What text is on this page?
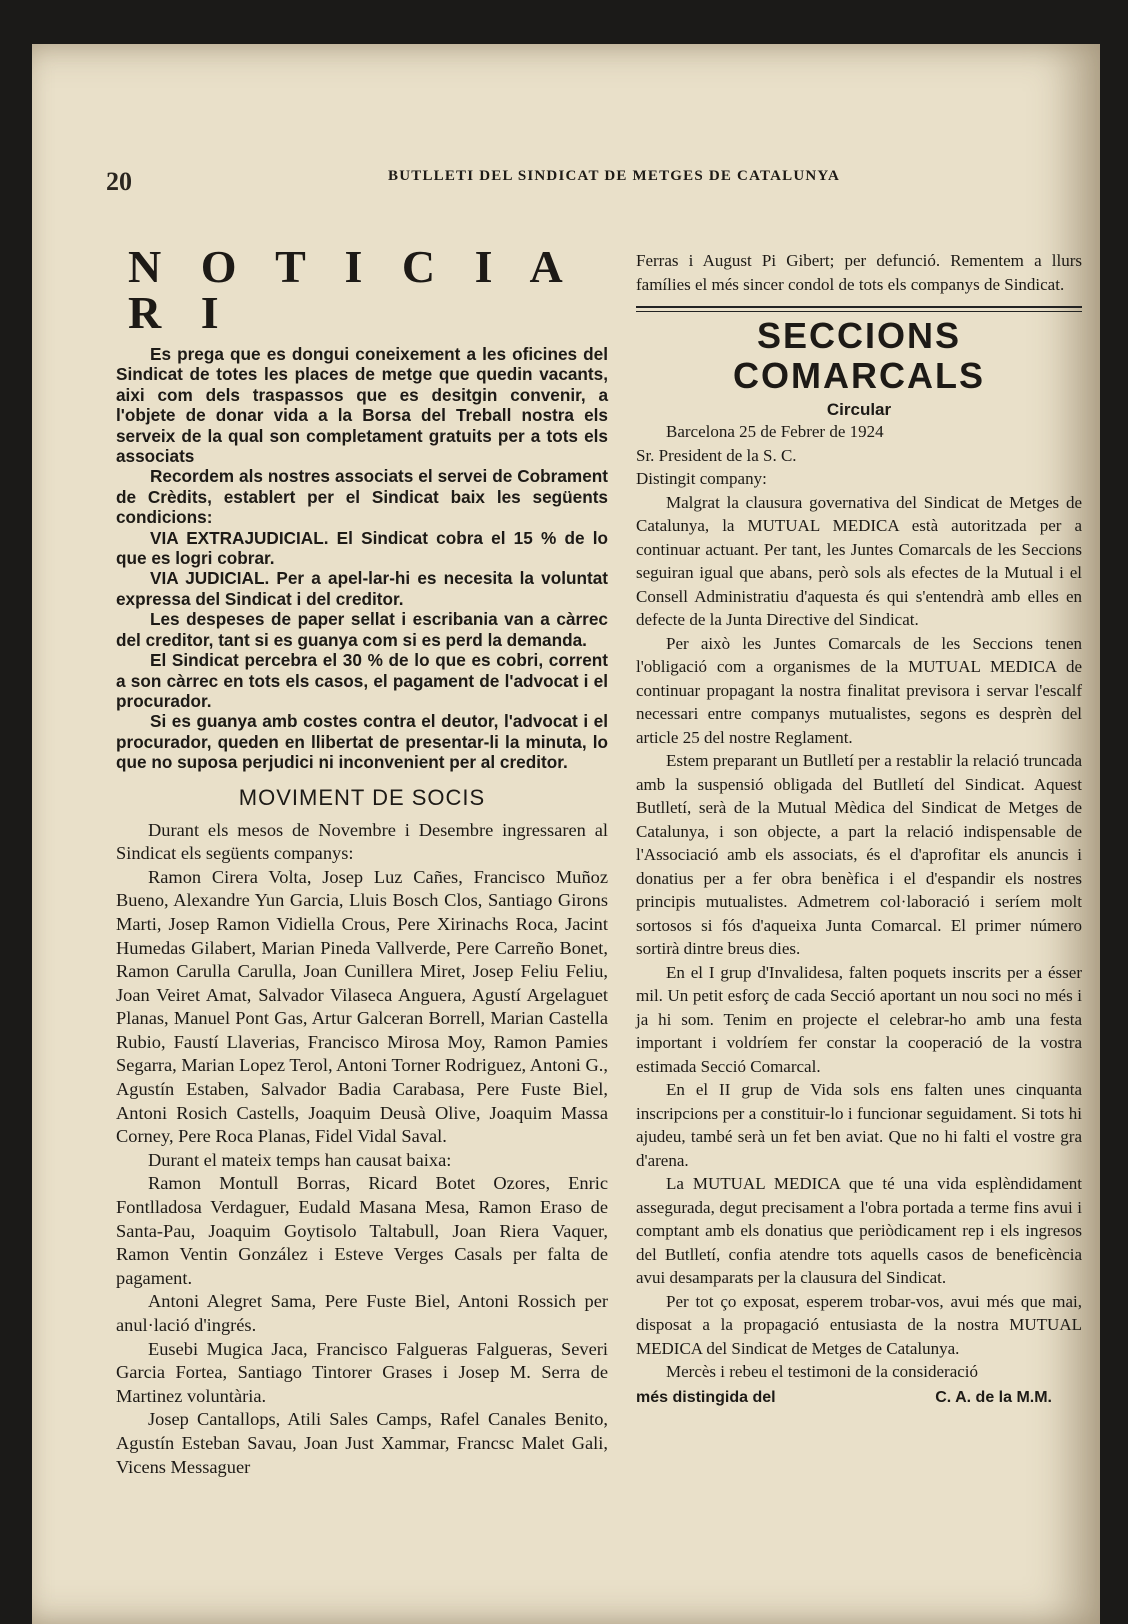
20	BUTLLETI DEL SINDICAT DE METGES DE CATALUNYA
N O T I C I A R I

Es prega que es dongui coneixement a les oficines del Sindicat de totes les places de metge que quedin vacants, aixi com dels traspassos que es desitgin convenir, a l'objete de donar vida a la Borsa del Treball nostra els serveix de la qual son completament gratuits per a tots els associats

Recordem als nostres associats el servei de Cobrament de Crèdits, establert per el Sindicat baix les següents condicions:

VIA EXTRAJUDICIAL. El Sindicat cobra el 15 % de lo que es logri cobrar.

VIA JUDICIAL. Per a apel-lar-hi es necesita la voluntat expressa del Sindicat i del creditor.

Les despeses de paper sellat i escribania van a càrrec del creditor, tant si es guanya com si es perd la demanda.

El Sindicat percebra el 30 % de lo que es cobri, corrent a son càrrec en tots els casos, el pagament de l'advocat i el procurador.

Si es guanya amb costes contra el deutor, l'advocat i el procurador, queden en llibertat de presentar-li la minuta, lo que no suposa perjudici ni inconvenient per al creditor.

MOVIMENT DE SOCIS

Durant els mesos de Novembre i Desembre ingressaren al Sindicat els següents companys:

Ramon Cirera Volta, Josep Luz Cañes, Francisco Muñoz Bueno, Alexandre Yun Garcia, Lluis Bosch Clos, Santiago Girons Marti, Josep Ramon Vidiella Crous, Pere Xirinachs Roca, Jacint Humedas Gilabert, Marian Pineda Vallverde, Pere Carreño Bonet, Ramon Carulla Carulla, Joan Cunillera Miret, Josep Feliu Feliu, Joan Veiret Amat, Salvador Vilaseca Anguera, Agustí Argelaguet Planas, Manuel Pont Gas, Artur Galceran Borrell, Marian Castella Rubio, Faustí Llaverias, Francisco Mirosa Moy, Ramon Pamies Segarra, Marian Lopez Terol, Antoni Torner Rodriguez, Antoni G., Agustín Estaben, Salvador Badia Carabasa, Pere Fuste Biel, Antoni Rosich Castells, Joaquim Deusà Olive, Joaquim Massa Corney, Pere Roca Planas, Fidel Vidal Saval.

Durant el mateix temps han causat baixa:

Ramon Montull Borras, Ricard Botet Ozores, Enric Fontlladosa Verdaguer, Eudald Masana Mesa, Ramon Eraso de Santa-Pau, Joaquim Goytisolo Taltabull, Joan Riera Vaquer, Ramon Ventin González i Esteve Verges Casals per falta de pagament.

Antoni Alegret Sama, Pere Fuste Biel, Antoni Rossich per anul·lació d'ingrés.

Eusebi Mugica Jaca, Francisco Falgueras Falgueras, Severi Garcia Fortea, Santiago Tintorer Grases i Josep M. Serra de Martinez voluntària.

Josep Cantallops, Atili Sales Camps, Rafel Canales Benito, Agustín Esteban Savau, Joan Just Xammar, Francsc Malet Gali, Vicens Messaguer

Ferras i August Pi Gibert; per defunció. Rementem a llurs famílies el més sincer condol de tots els companys de Sindicat.

SECCIONS COMARCALS
Circular

Barcelona 25 de Febrer de 1924

Sr. President de la S. C.

Distingit company:

Malgrat la clausura governativa del Sindicat de Metges de Catalunya, la MUTUAL MEDICA està autoritzada per a continuar actuant. Per tant, les Juntes Comarcals de les Seccions seguiran igual que abans, però sols als efectes de la Mutual i el Consell Administratiu d'aquesta és qui s'entendrà amb elles en defecte de la Junta Directive del Sindicat.

Per això les Juntes Comarcals de les Seccions tenen l'obligació com a organismes de la MUTUAL MEDICA de continuar propagant la nostra finalitat previsora i servar l'escalf necessari entre companys mutualistes, segons es desprèn del article 25 del nostre Reglament.

Estem preparant un Butlletí per a restablir la relació truncada amb la suspensió obligada del Butlletí del Sindicat. Aquest Butlletí, serà de la Mutual Mèdica del Sindicat de Metges de Catalunya, i son objecte, a part la relació indispensable de l'Associació amb els associats, és el d'aprofitar els anuncis i donatius per a fer obra benèfica i el d'espandir els nostres principis mutualistes. Admetrem col·laboració i seríem molt sortosos si fós d'aqueixa Junta Comarcal. El primer número sortirà dintre breus dies.

En el I grup d'Invalidesa, falten poquets inscrits per a ésser mil. Un petit esforç de cada Secció aportant un nou soci no més i ja hi som. Tenim en projecte el celebrar-ho amb una festa important i voldríem fer constar la cooperació de la vostra estimada Secció Comarcal.

En el II grup de Vida sols ens falten unes cinquanta inscripcions per a constituir-lo i funcionar seguidament. Si tots hi ajudeu, també serà un fet ben aviat. Que no hi falti el vostre gra d'arena.

La MUTUAL MEDICA que té una vida esplèndidament assegurada, degut precisament a l'obra portada a terme fins avui i comptant amb els donatius que periòdicament rep i els ingresos del Butlletí, confia atendre tots aquells casos de beneficència avui desamparats per la clausura del Sindicat.

Per tot ço exposat, esperem trobar-vos, avui més que mai, disposat a la propagació entusiasta de la nostra MUTUAL MEDICA del Sindicat de Metges de Catalunya.

Mercès i rebeu el testimoni de la consideració

més distingida del	C. A. de la M.M.
